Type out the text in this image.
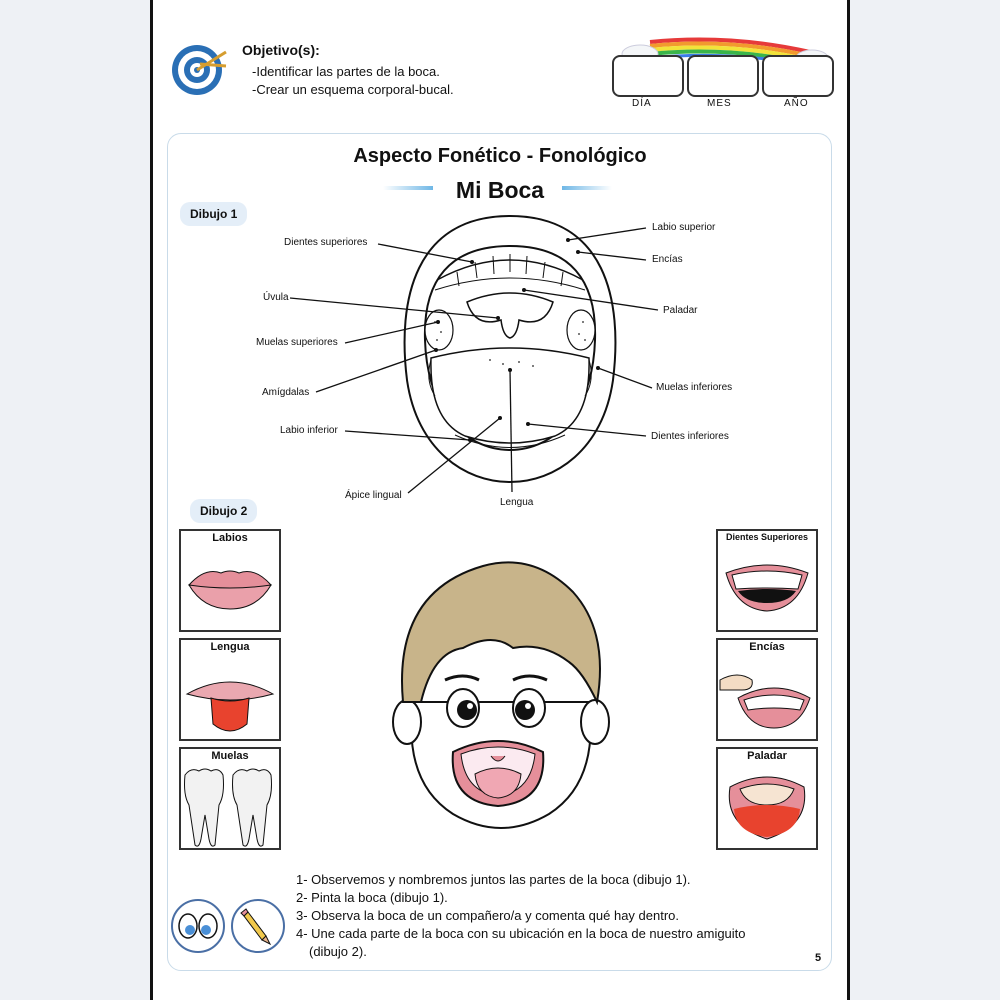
Objetivo(s):
-Identificar las partes de la boca.
-Crear un esquema corporal-bucal.
DÍA	MES	AÑO
Aspecto Fonético - Fonológico
Mi Boca
Dibujo 1
Dientes superiores
Úvula
Muelas superiores
Amígdalas
Labio inferior
Ápice lingual
Labio superior
Encías
Paladar
Muelas inferiores
Dientes inferiores
Lengua
Dibujo 2
Labios
Lengua
Muelas
Dientes Superiores
Encías
Paladar
1- Observemos y nombremos juntos las partes de la boca (dibujo 1).
2- Pinta la boca (dibujo 1).
3- Observa la boca de un compañero/a y comenta qué hay dentro.
4- Une cada parte de la boca con su ubicación en la boca de nuestro amiguito
(dibujo 2).	5
